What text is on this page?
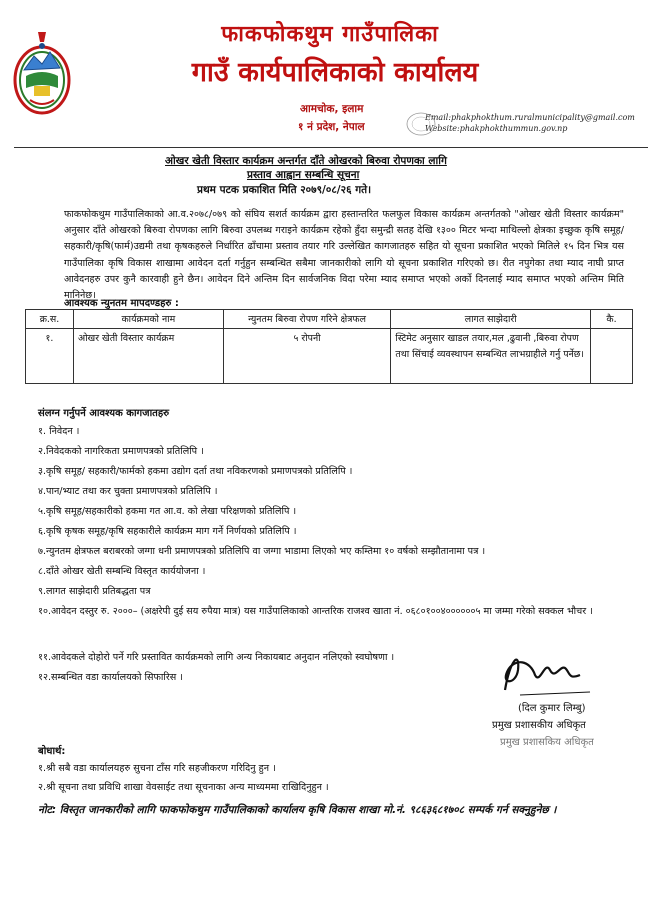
फाकफोकथुम गाउँपालिका
गाउँ कार्यपालिकाको कार्यालय
आमचोक, इलाम
१ नं प्रदेश, नेपाल
Email:phakphokthum.ruralmunicipality@gmail.com
Website:phakphokthummun.gov.np
ओखर खेती विस्तार कार्यक्रम अन्तर्गत दाँते ओखरको बिरुवा रोपणका लागि
प्रस्ताव आह्वान सम्बन्धि सूचना
प्रथम पटक प्रकाशित मिति २०७९/०८/२६ गते।
फाकफोकथुम गाउँपालिकाको आ.व.२०७८/०७९ को संघिय सशर्त कार्यक्रम द्वारा हस्तान्तरित फलफुल विकास कार्यक्रम अन्तर्गतको "ओखर खेती विस्तार कार्यक्रम" अनुसार दाँते ओखरको बिरुवा रोपणका लागि बिरुवा उपलब्ध गराइने कार्यक्रम रहेको हुँदा समुन्द्री सतह देखि १३०० मिटर भन्दा माथिल्लो क्षेत्रका इच्छुक कृषि समूह/सहकारी/कृषि(फार्म)उद्यमी तथा कृषकहरुले निर्धारित ढाँचामा प्रस्ताव तयार गरि उल्लेखित कागजातहरु सहित यो सूचना प्रकाशित भएको मितिले १५ दिन भित्र यस गाउँपालिका कृषि विकास शाखामा आवेदन दर्ता गर्नुहुन सम्बन्धित सबैमा जानकारीको लागि यो सूचना प्रकाशित गरिएको छ। रीत नपुगेका तथा म्याद नाघी प्राप्त आवेदनहरु उपर कुनै कारवाही हुने छैन। आवेदन दिने अन्तिम दिन सार्वजनिक विदा परेमा म्याद समाप्त भएको अर्को दिनलाई म्याद समाप्त भएको अन्तिम मिति मानिनेछ।
आवश्यक न्युनतम मापदण्डहरु :
क्र.स.	कार्यक्रमको नाम	न्युनतम बिरुवा रोपण गरिने क्षेत्रफल	लागत साझेदारी	कै.
१.	ओखर खेती विस्तार कार्यक्रम	५ रोपनी	स्टिमेट अनुसार खाडल तयार,मल ,ढुवानी ,बिरुवा रोपण तथा सिंचाई व्यवस्थापन सम्बन्धित लाभग्राहीले गर्नु पर्नेछ।	
संलग्न गर्नुपर्ने आवश्यक कागजातहरु
१. निवेदन ।
२.निवेदकको नागरिकता प्रमाणपत्रको प्रतिलिपि ।
३.कृषि समूह/ सहकारी/फार्मको हकमा उद्योग दर्ता तथा नविकरणको प्रमाणपत्रको प्रतिलिपि ।
४.पान/भ्याट तथा कर चुक्ता प्रमाणपत्रको प्रतिलिपि ।
५.कृषि समूह/सहकारीको हकमा गत आ.व. को लेखा परिक्षणको प्रतिलिपि ।
६.कृषि कृषक समूह/कृषि सहकारीले कार्यक्रम माग गर्ने निर्णयको प्रतिलिपि ।
७.न्युनतम क्षेत्रफल बराबरको जग्गा धनी प्रमाणपत्रको प्रतिलिपि वा जग्गा भाडामा लिएको भए कम्तिमा १० वर्षको सम्झौतानामा पत्र ।
८.दाँते ओखर खेती सम्बन्धि विस्तृत कार्ययोजना ।
९.लागत साझेदारी प्रतिबद्धता पत्र
१०.आवेदन दस्तुर रु. २०००– (अक्षरेपी दुई सय रुपैया मात्र) यस गाउँपालिकाको आन्तरिक राजश्व खाता नं. ०६८०१००४००००००५ मा जम्मा गरेको सक्कल भौचर ।
११.आवेदकले दोहोरो पर्ने गरि प्रस्तावित कार्यक्रमको लागि अन्य निकायबाट अनुदान नलिएको स्वघोषणा ।
१२.सम्बन्धित वडा कार्यालयको सिफारिस ।
(दिल कुमार लिम्बु)
प्रमुख प्रशासकीय अधिकृत
प्रमुख प्रशासकिय अधिकृत
बोधार्थ:
१.श्री सबै वडा कार्यालयहरु सुचना टाँस गरि सहजीकरण गरिदिनु हुन ।
२.श्री सूचना तथा प्रविधि शाखा वेवसाईट तथा सूचनाका अन्य माध्यममा राखिदिनुहुन ।
नोट: विस्तृत जानकारीको लागि फाकफोकथुम गाउँपालिकाको कार्यालय कृषि विकास शाखा मो.नं. ९८६३६८१७०८ सम्पर्क गर्न सक्नुहुनेछ ।
